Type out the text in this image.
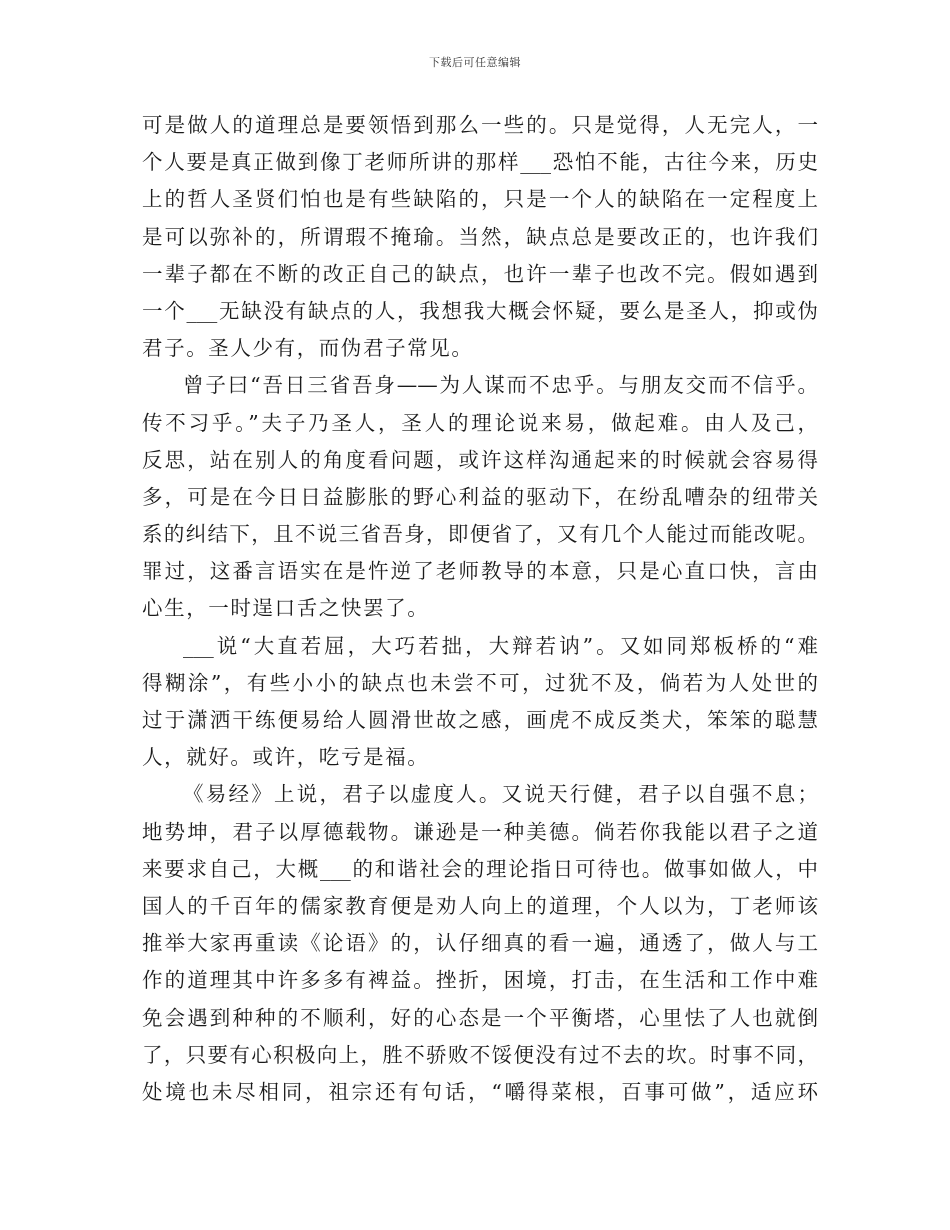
下载后可任意编辑
可是做人的道理总是要领悟到那么一些的。只是觉得，人无完人，一
个人要是真正做到像丁老师所讲的那样___恐怕不能，古往今来，历史
上的哲人圣贤们怕也是有些缺陷的，只是一个人的缺陷在一定程度上
是可以弥补的，所谓瑕不掩瑜。当然，缺点总是要改正的，也许我们
一辈子都在不断的改正自己的缺点，也许一辈子也改不完。假如遇到
一个___无缺没有缺点的人，我想我大概会怀疑，要么是圣人，抑或伪
君子。圣人少有，而伪君子常见。
曾子曰“吾日三省吾身——为人谋而不忠乎。与朋友交而不信乎。
传不习乎。”夫子乃圣人，圣人的理论说来易，做起难。由人及己，
反思，站在别人的角度看问题，或许这样沟通起来的时候就会容易得
多，可是在今日日益膨胀的野心利益的驱动下，在纷乱嘈杂的纽带关
系的纠结下，且不说三省吾身，即便省了，又有几个人能过而能改呢。
罪过，这番言语实在是忤逆了老师教导的本意，只是心直口快，言由
心生，一时逞口舌之快罢了。
___说“大直若屈，大巧若拙，大辩若讷”。又如同郑板桥的“难
得糊涂”，有些小小的缺点也未尝不可，过犹不及，倘若为人处世的
过于潇洒干练便易给人圆滑世故之感，画虎不成反类犬，笨笨的聪慧
人，就好。或许，吃亏是福。
《易经》上说，君子以虚度人。又说天行健，君子以自强不息；
地势坤，君子以厚德载物。谦逊是一种美德。倘若你我能以君子之道
来要求自己，大概___的和谐社会的理论指日可待也。做事如做人，中
国人的千百年的儒家教育便是劝人向上的道理，个人以为，丁老师该
推举大家再重读《论语》的，认仔细真的看一遍，通透了，做人与工
作的道理其中许多多有裨益。挫折，困境，打击，在生活和工作中难
免会遇到种种的不顺利，好的心态是一个平衡塔，心里怯了人也就倒
了，只要有心积极向上，胜不骄败不馁便没有过不去的坎。时事不同，
处境也未尽相同，祖宗还有句话，“嚼得菜根，百事可做”，适应环
